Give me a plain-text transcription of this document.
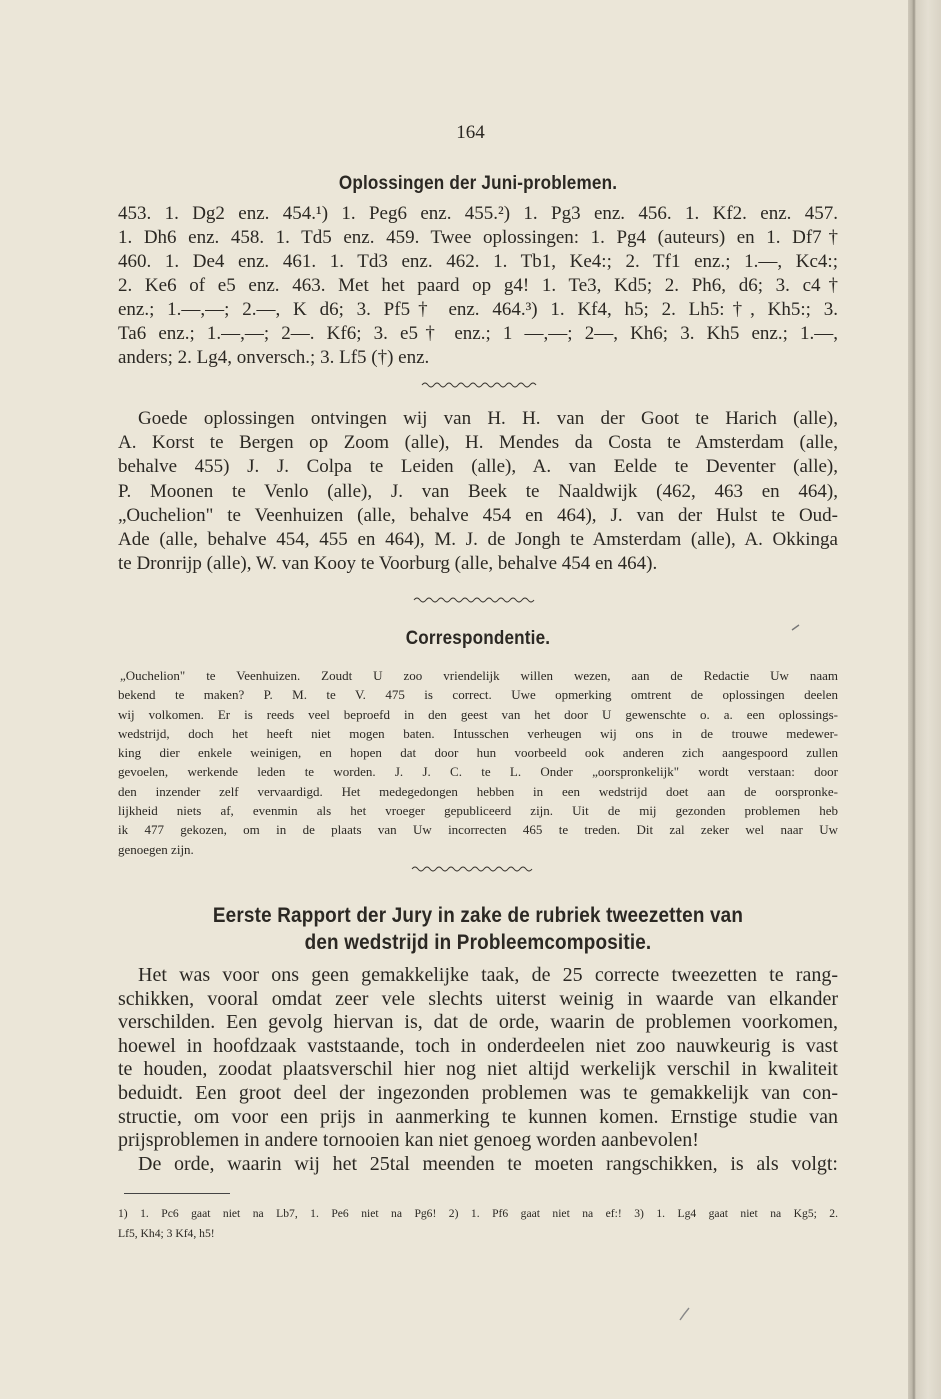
164
Oplossingen der Juni-problemen.
453. 1. Dg2 enz. 454.¹) 1. Peg6 enz. 455.²) 1. Pg3 enz. 456. 1. Kf2. enz. 457.
1. Dh6 enz. 458. 1. Td5 enz. 459. Twee oplossingen: 1. Pg4 (auteurs) en 1. Df7†
460. 1. De4 enz. 461. 1. Td3 enz. 462. 1. Tb1, Ke4:; 2. Tf1 enz.; 1.—, Kc4:;
2. Ke6 of e5 enz. 463. Met het paard op g4! 1. Te3, Kd5; 2. Ph6, d6; 3. c4†
enz.; 1.—,—; 2.—, K d6; 3. Pf5† enz. 464.³) 1. Kf4, h5; 2. Lh5:†, Kh5:; 3.
Ta6 enz.; 1.—,—; 2—. Kf6; 3. e5† enz.; 1 —,—; 2—, Kh6; 3. Kh5 enz.; 1.—,
anders; 2. Lg4, onversch.; 3. Lf5 (†) enz.
Goede oplossingen ontvingen wij van H. H. van der Goot te Harich (alle),
A. Korst te Bergen op Zoom (alle), H. Mendes da Costa te Amsterdam (alle,
behalve 455) J. J. Colpa te Leiden (alle), A. van Eelde te Deventer (alle),
P. Moonen te Venlo (alle), J. van Beek te Naaldwijk (462, 463 en 464),
„Ouchelion" te Veenhuizen (alle, behalve 454 en 464), J. van der Hulst te Oud-
Ade (alle, behalve 454, 455 en 464), M. J. de Jongh te Amsterdam (alle), A. Okkinga
te Dronrijp (alle), W. van Kooy te Voorburg (alle, behalve 454 en 464).
Correspondentie.
„Ouchelion" te Veenhuizen. Zoudt U zoo vriendelijk willen wezen, aan de Redactie Uw naam
bekend te maken? P. M. te V. 475 is correct. Uwe opmerking omtrent de oplossingen deelen
wij volkomen. Er is reeds veel beproefd in den geest van het door U gewenschte o. a. een oplossings-
wedstrijd, doch het heeft niet mogen baten. Intusschen verheugen wij ons in de trouwe medewer-
king dier enkele weinigen, en hopen dat door hun voorbeeld ook anderen zich aangespoord zullen
gevoelen, werkende leden te worden. J. J. C. te L. Onder „oorspronkelijk" wordt verstaan: door
den inzender zelf vervaardigd. Het medegedongen hebben in een wedstrijd doet aan de oorspronke-
lijkheid niets af, evenmin als het vroeger gepubliceerd zijn. Uit de mij gezonden problemen heb
ik 477 gekozen, om in de plaats van Uw incorrecten 465 te treden. Dit zal zeker wel naar Uw
genoegen zijn.
Eerste Rapport der Jury in zake de rubriek tweezetten van
den wedstrijd in Probleemcompositie.
Het was voor ons geen gemakkelijke taak, de 25 correcte tweezetten te rang-
schikken, vooral omdat zeer vele slechts uiterst weinig in waarde van elkander
verschilden. Een gevolg hiervan is, dat de orde, waarin de problemen voorkomen,
hoewel in hoofdzaak vaststaande, toch in onderdeelen niet zoo nauwkeurig is vast
te houden, zoodat plaatsverschil hier nog niet altijd werkelijk verschil in kwaliteit
beduidt. Een groot deel der ingezonden problemen was te gemakkelijk van con-
structie, om voor een prijs in aanmerking te kunnen komen. Ernstige studie van
prijsproblemen in andere tornooien kan niet genoeg worden aanbevolen!
De orde, waarin wij het 25tal meenden te moeten rangschikken, is als volgt:
1) 1. Pc6 gaat niet na Lb7, 1. Pe6 niet na Pg6! 2) 1. Pf6 gaat niet na ef:! 3) 1. Lg4 gaat niet na Kg5; 2.
Lf5, Kh4; 3 Kf4, h5!
